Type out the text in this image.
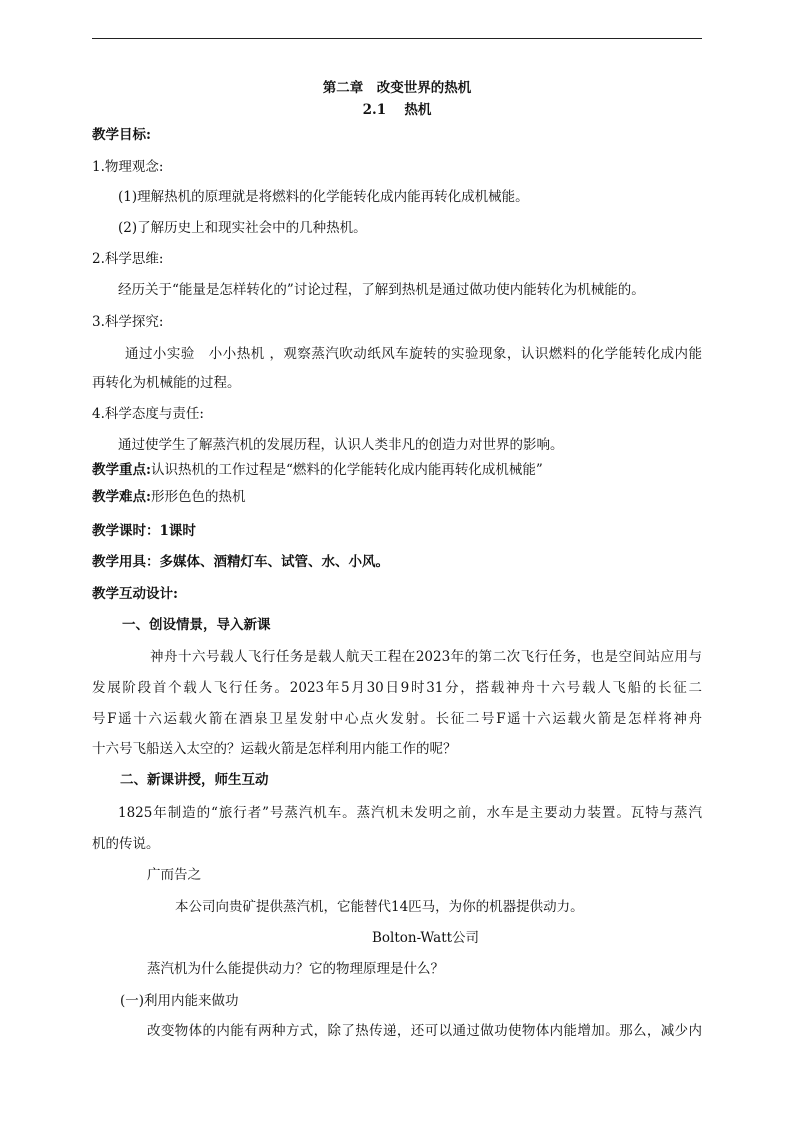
第二章　改变世界的热机
2.1　 热机
教学目标:
1.物理观念:
(1)理解热机的原理就是将燃料的化学能转化成内能再转化成机械能。
(2)了解历史上和现实社会中的几种热机。
2.科学思维:
经历关于“能量是怎样转化的”讨论过程，了解到热机是通过做功使内能转化为机械能的。
3.科学探究:
通过小实验　小小热机 ，观察蒸汽吹动纸风车旋转的实验现象，认识燃料的化学能转化成内能
再转化为机械能的过程。
4.科学态度与责任:
通过使学生了解蒸汽机的发展历程，认识人类非凡的创造力对世界的影响。
教学重点:认识热机的工作过程是“燃料的化学能转化成内能再转化成机械能”
教学难点:形形色色的热机
教学课时：1课时
教学用具：多媒体、酒精灯车、试管、水、小风。
教学互动设计:
一、创设情景，导入新课
神舟十六号载人飞行任务是载人航天工程在2023年的第二次飞行任务，也是空间站应用与
发展阶段首个载人飞行任务。2023年5月30日9时31分，搭载神舟十六号载人飞船的长征二
号F遥十六运载火箭在酒泉卫星发射中心点火发射。长征二号F遥十六运载火箭是怎样将神舟
十六号飞船送入太空的？运载火箭是怎样利用内能工作的呢？
二、新课讲授，师生互动
1825年制造的“旅行者”号蒸汽机车。蒸汽机未发明之前，水车是主要动力装置。瓦特与蒸汽
机的传说。
广而告之
本公司向贵矿提供蒸汽机，它能替代14匹马，为你的机器提供动力。
Bolton-Watt公司
蒸汽机为什么能提供动力？它的物理原理是什么？
(一)利用内能来做功
改变物体的内能有两种方式，除了热传递，还可以通过做功使物体内能增加。那么，减少内
